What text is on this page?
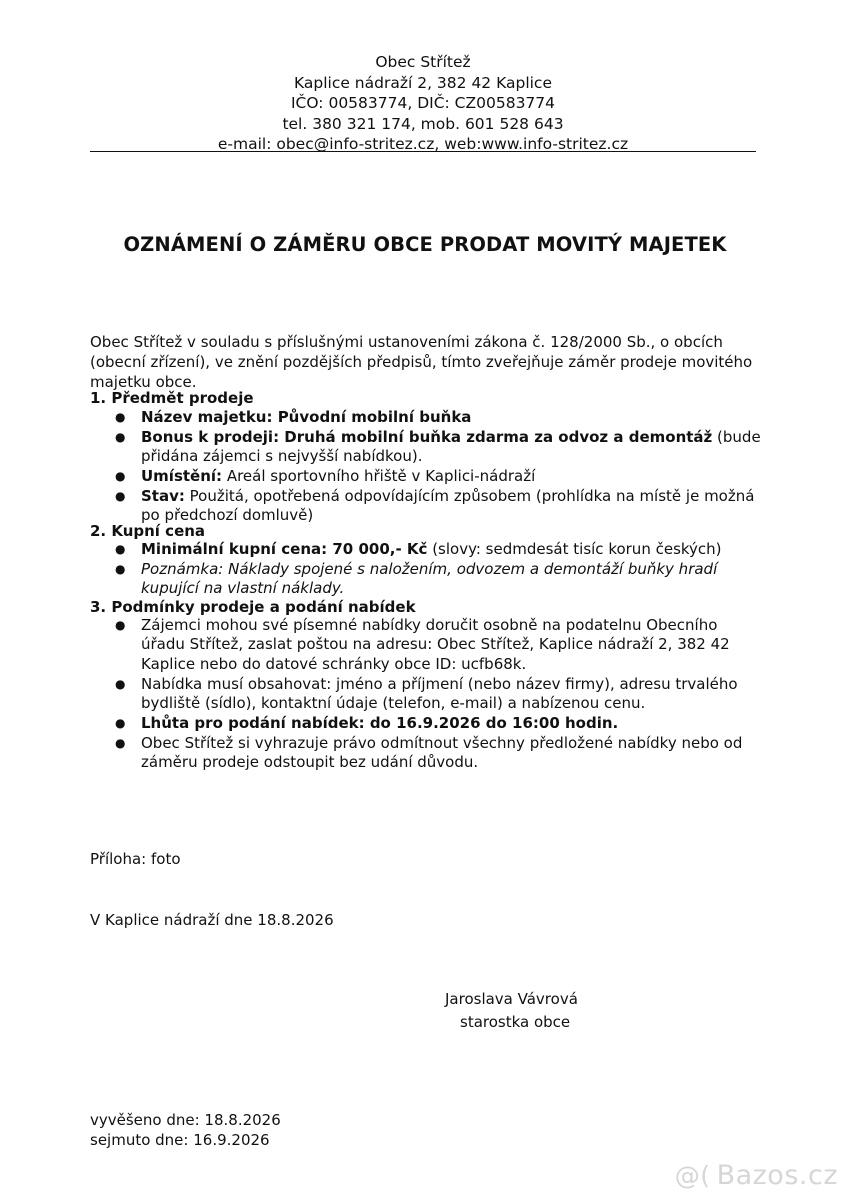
Obec Střítež
Kaplice nádraží 2, 382 42 Kaplice
IČO: 00583774, DIČ: CZ00583774
tel. 380 321 174, mob. 601 528 643
e-mail: obec@info-stritez.cz, web:www.info-stritez.cz
OZNÁMENÍ O ZÁMĚRU OBCE PRODAT MOVITÝ MAJETEK
Obec Střítež v souladu s příslušnými ustanoveními zákona č. 128/2000 Sb., o obcích (obecní zřízení), ve znění pozdějších předpisů, tímto zveřejňuje záměr prodeje movitého majetku obce.
1. Předmět prodeje
● Název majetku: Původní mobilní buňka
● Bonus k prodeji: Druhá mobilní buňka zdarma za odvoz a demontáž (bude přidána zájemci s nejvyšší nabídkou).
● Umístění: Areál sportovního hřiště v Kaplici-nádraží
● Stav: Použitá, opotřebená odpovídajícím způsobem (prohlídka na místě je možná po předchozí domluvě)
2. Kupní cena
● Minimální kupní cena: 70 000,- Kč (slovy: sedmdesát tisíc korun českých)
● Poznámka: Náklady spojené s naložením, odvozem a demontáží buňky hradí kupující na vlastní náklady.
3. Podmínky prodeje a podání nabídek
● Zájemci mohou své písemné nabídky doručit osobně na podatelnu Obecního úřadu Střítež, zaslat poštou na adresu: Obec Střítež, Kaplice nádraží 2, 382 42 Kaplice nebo do datové schránky obce ID: ucfb68k.
● Nabídka musí obsahovat: jméno a příjmení (nebo název firmy), adresu trvalého bydliště (sídlo), kontaktní údaje (telefon, e-mail) a nabízenou cenu.
● Lhůta pro podání nabídek: do 16.9.2026 do 16:00 hodin.
● Obec Střítež si vyhrazuje právo odmítnout všechny předložené nabídky nebo od záměru prodeje odstoupit bez udání důvodu.
Příloha: foto
V Kaplice nádraží dne 18.8.2026
Jaroslava Vávrová
starostka obce
vyvěšeno dne: 18.8.2026
sejmuto dne: 16.9.2026
@( Bazos.cz
